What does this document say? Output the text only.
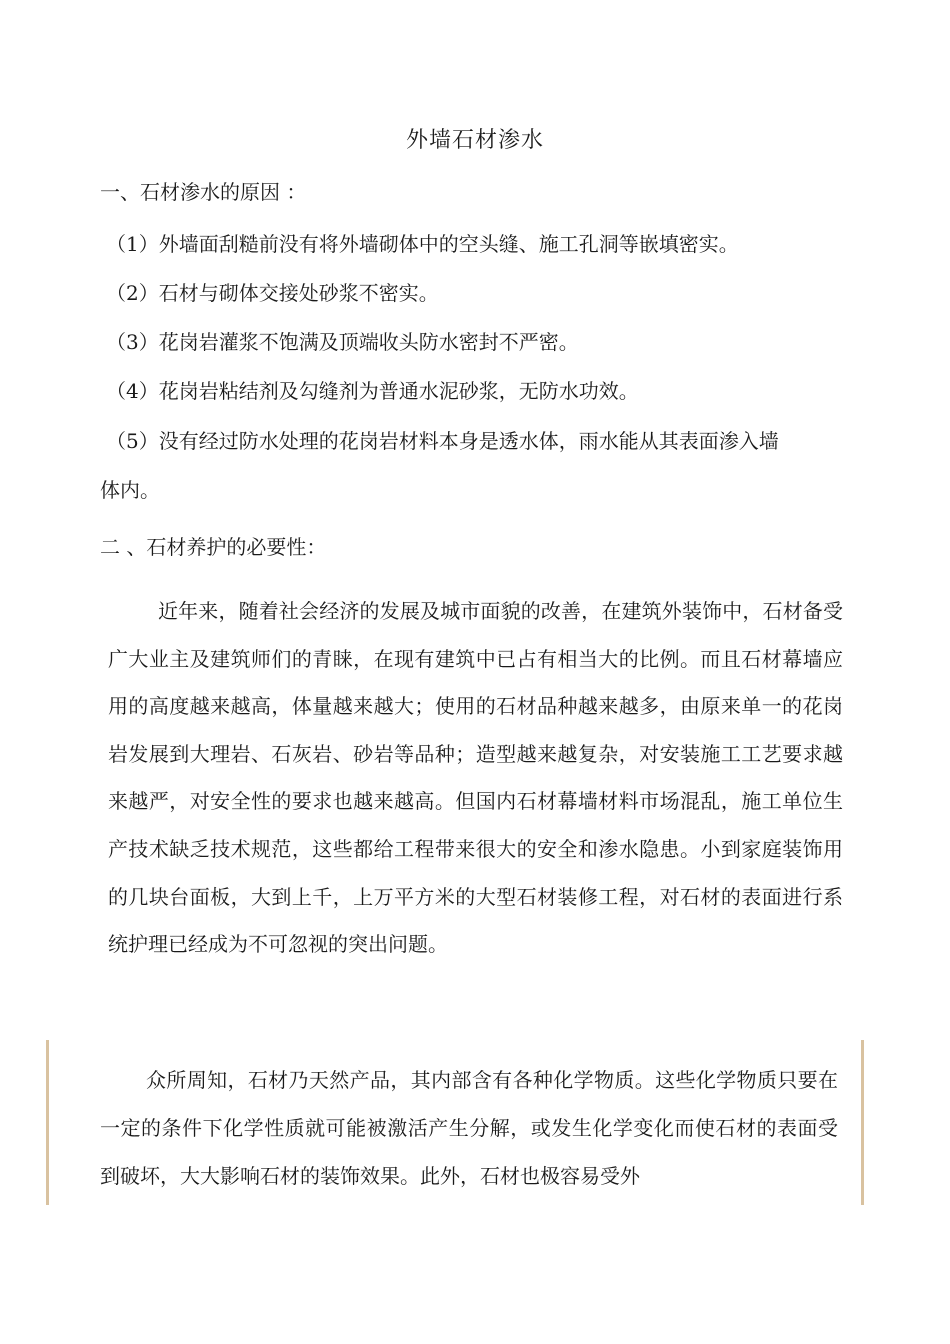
外墙石材渗水
一、石材渗水的原因 ：
（1）外墙面刮糙前没有将外墙砌体中的空头缝、施工孔洞等嵌填密实。
（2）石材与砌体交接处砂浆不密实。
（3）花岗岩灌浆不饱满及顶端收头防水密封不严密。
（4）花岗岩粘结剂及勾缝剂为普通水泥砂浆，无防水功效。
（5）没有经过防水处理的花岗岩材料本身是透水体，雨水能从其表面渗入墙
体内。
二 、石材养护的必要性：
近年来，随着社会经济的发展及城市面貌的改善，在建筑外装饰中，石材备受广大业主及建筑师们的青睐，在现有建筑中已占有相当大的比例。而且石材幕墙应用的高度越来越高，体量越来越大；使用的石材品种越来越多，由原来单一的花岗岩发展到大理岩、石灰岩、砂岩等品种；造型越来越复杂，对安装施工工艺要求越来越严，对安全性的要求也越来越高。但国内石材幕墙材料市场混乱，施工单位生产技术缺乏技术规范，这些都给工程带来很大的安全和渗水隐患。小到家庭装饰用的几块台面板，大到上千，上万平方米的大型石材装修工程，对石材的表面进行系统护理已经成为不可忽视的突出问题。
众所周知，石材乃天然产品，其内部含有各种化学物质。这些化学物质只要在一定的条件下化学性质就可能被激活产生分解，或发生化学变化而使石材的表面受到破坏，大大影响石材的装饰效果。此外，石材也极容易受外
